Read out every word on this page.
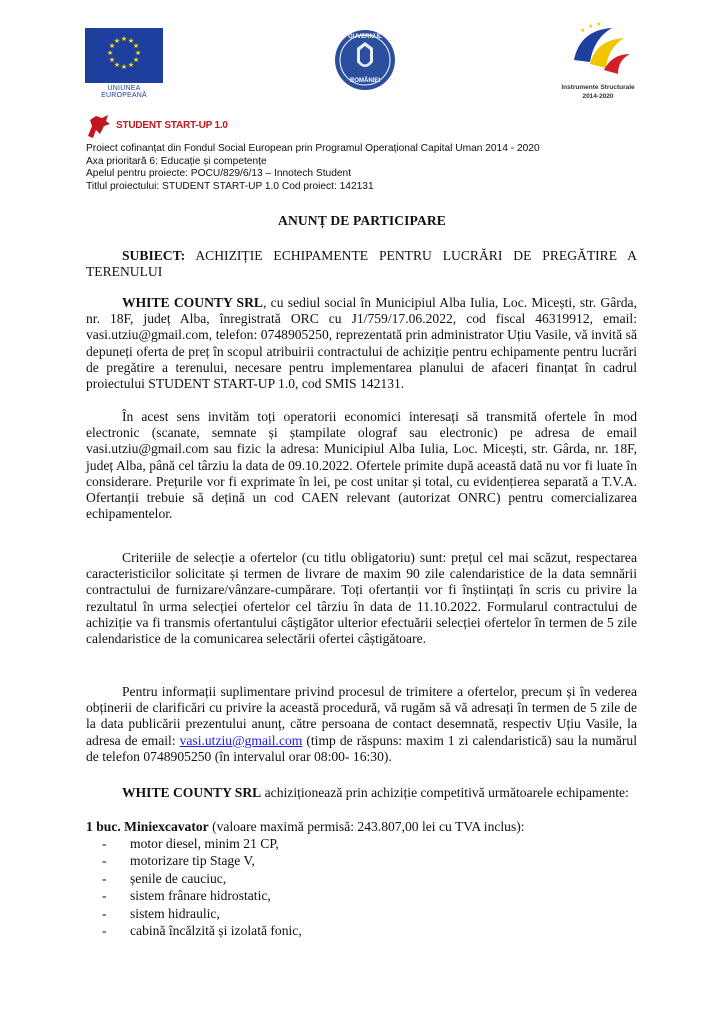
★ ★
★
★
★
★
★
★
★
★
★
★
UNIUNEA EUROPEANĂ
GUVERNUL
ROMÂNIEI
★
★ ★
Instrumente Structurale
2014-2020
STUDENT START-UP 1.0
Proiect cofinanțat din Fondul Social European prin Programul Operațional Capital Uman 2014 - 2020
Axa prioritară 6: Educație și competențe
Apelul pentru proiecte: POCU/829/6/13 – Innotech Student
Titlul proiectului: STUDENT START-UP 1.0 Cod proiect: 142131
ANUNȚ DE PARTICIPARE
SUBIECT: ACHIZIȚIE ECHIPAMENTE PENTRU LUCRĂRI DE PREGĂTIRE A TERENULUI
WHITE COUNTY SRL, cu sediul social în Municipiul Alba Iulia, Loc. Micești, str. Gârda, nr. 18F, județ Alba, înregistrată ORC cu J1/759/17.06.2022, cod fiscal 46319912, email: vasi.utziu@gmail.com, telefon: 0748905250, reprezentată prin administrator Uțiu Vasile, vă invită să depuneți oferta de preț în scopul atribuirii contractului de achiziție pentru echipamente pentru lucrări de pregătire a terenului, necesare pentru implementarea planului de afaceri finanțat în cadrul proiectului STUDENT START-UP 1.0, cod SMIS 142131.
În acest sens invităm toți operatorii economici interesați să transmită ofertele în mod electronic (scanate, semnate și ștampilate olograf sau electronic) pe adresa de email vasi.utziu@gmail.com sau fizic la adresa: Municipiul Alba Iulia, Loc. Micești, str. Gârda, nr. 18F, județ Alba, până cel târziu la data de 09.10.2022. Ofertele primite după această dată nu vor fi luate în considerare. Prețurile vor fi exprimate în lei, pe cost unitar și total, cu evidențierea separată a T.V.A. Ofertanții trebuie să dețină un cod CAEN relevant (autorizat ONRC) pentru comercializarea echipamentelor.
Criteriile de selecție a ofertelor (cu titlu obligatoriu) sunt: prețul cel mai scăzut, respectarea caracteristicilor solicitate și termen de livrare de maxim 90 zile calendaristice de la data semnării contractului de furnizare/vânzare-cumpărare. Toți ofertanții vor fi înștiințați în scris cu privire la rezultatul în urma selecției ofertelor cel târziu în data de 11.10.2022. Formularul contractului de achiziție va fi transmis ofertantului câștigător ulterior efectuării selecției ofertelor în termen de 5 zile calendaristice de la comunicarea selectării ofertei câștigătoare.
Pentru informații suplimentare privind procesul de trimitere a ofertelor, precum și în vederea obținerii de clarificări cu privire la această procedură, vă rugăm să vă adresați în termen de 5 zile de la data publicării prezentului anunț, către persoana de contact desemnată, respectiv Uțiu Vasile, la adresa de email: vasi.utziu@gmail.com (timp de răspuns: maxim 1 zi calendaristică) sau la numărul de telefon 0748905250 (în intervalul orar 08:00- 16:30).
WHITE COUNTY SRL achiziționează prin achiziție competitivă următoarele echipamente:
1 buc. Miniexcavator (valoare maximă permisă: 243.807,00 lei cu TVA inclus):
- motor diesel, minim 21 CP,
- motorizare tip Stage V,
- șenile de cauciuc,
- sistem frânare hidrostatic,
- sistem hidraulic,
- cabină încălzită și izolată fonic,
